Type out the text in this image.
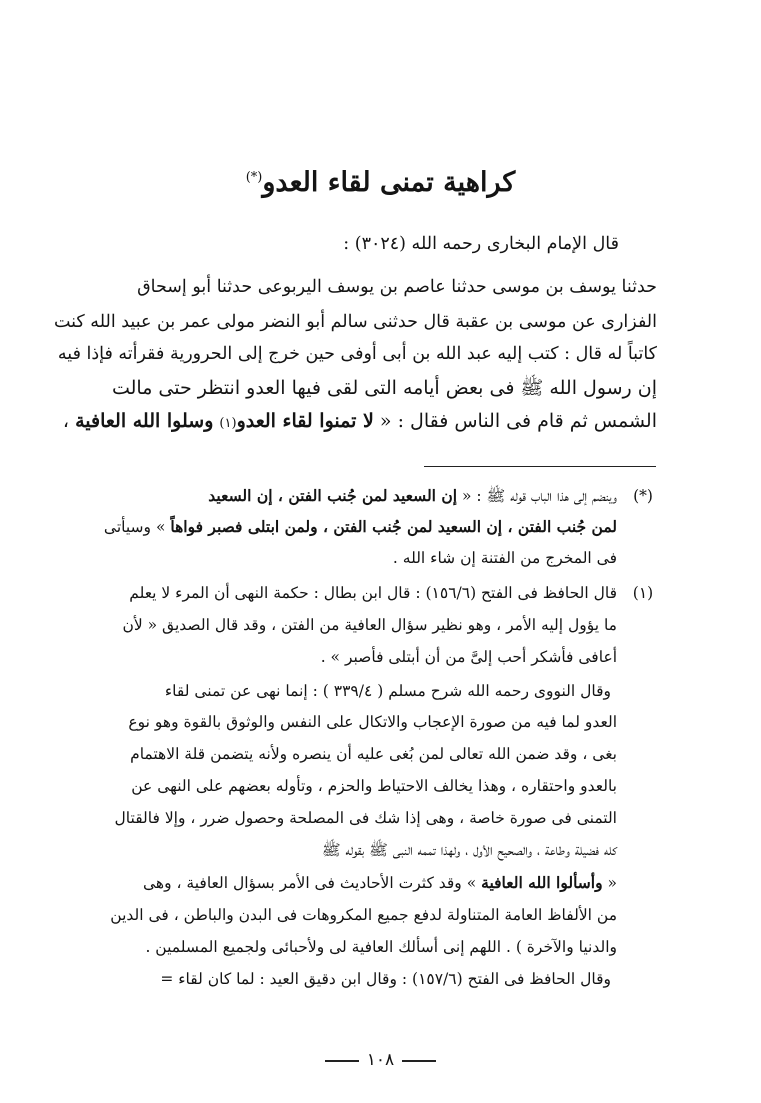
كراهية تمنى لقاء العدو(*)
قال الإمام البخارى رحمه الله (٣٠٢٤) :
حدثنا يوسف بن موسى حدثنا عاصم بن يوسف اليربوعى حدثنا أبو إسحاق
الفزارى عن موسى بن عقبة قال حدثنى سالم أبو النضر مولى عمر بن عبيد الله كنت
كاتباً له قال : كتب إليه عبد الله بن أبى أوفى حين خرج إلى الحرورية فقرأته فإذا فيه
إن رسول الله ﷺ فى بعض أيامه التى لقى فيها العدو انتظر حتى مالت
الشمس ثم قام فى الناس فقال : « لا تمنوا لقاء العدو(١) وسلوا الله العافية ،
(*)
وينضم إلى هذا الباب قوله ﷺ : « إن السعيد لمن جُنب الفتن ، إن السعيد
لمن جُنب الفتن ، إن السعيد لمن جُنب الفتن ، ولمن ابتلى فصبر فواهاً » وسيأتى
فى المخرج من الفتنة إن شاء الله .
(١)
قال الحافظ فى الفتح (١٥٦/٦) : قال ابن بطال : حكمة النهى أن المرء لا يعلم
ما يؤول إليه الأمر ، وهو نظير سؤال العافية من الفتن ، وقد قال الصديق « لأن
أعافى فأشكر أحب إلىَّ من أن أبتلى فأصبر » .
وقال النووى رحمه الله شرح مسلم ( ٣٣٩/٤ ) : إنما نهى عن تمنى لقاء
العدو لما فيه من صورة الإعجاب والاتكال على النفس والوثوق بالقوة وهو نوع
بغى ، وقد ضمن الله تعالى لمن بُغى عليه أن ينصره ولأنه يتضمن قلة الاهتمام
بالعدو واحتقاره ، وهذا يخالف الاحتياط والحزم ، وتأوله بعضهم على النهى عن
التمنى فى صورة خاصة ، وهى إذا شك فى المصلحة وحصول ضرر ، وإلا فالقتال
كله فضيلة وطاعة ، والصحيح الأول ، ولهذا تممه النبى ﷺ بقوله ﷺ
« وأسألوا الله العافية » وقد كثرت الأحاديث فى الأمر بسؤال العافية ، وهى
من الألفاظ العامة المتناولة لدفع جميع المكروهات فى البدن والباطن ، فى الدين
والدنيا والآخرة ) . اللهم إنى أسألك العافية لى ولأحبائى ولجميع المسلمين .
وقال الحافظ فى الفتح (١٥٧/٦) : وقال ابن دقيق العيد : لما كان لقاء =
١٠٨
